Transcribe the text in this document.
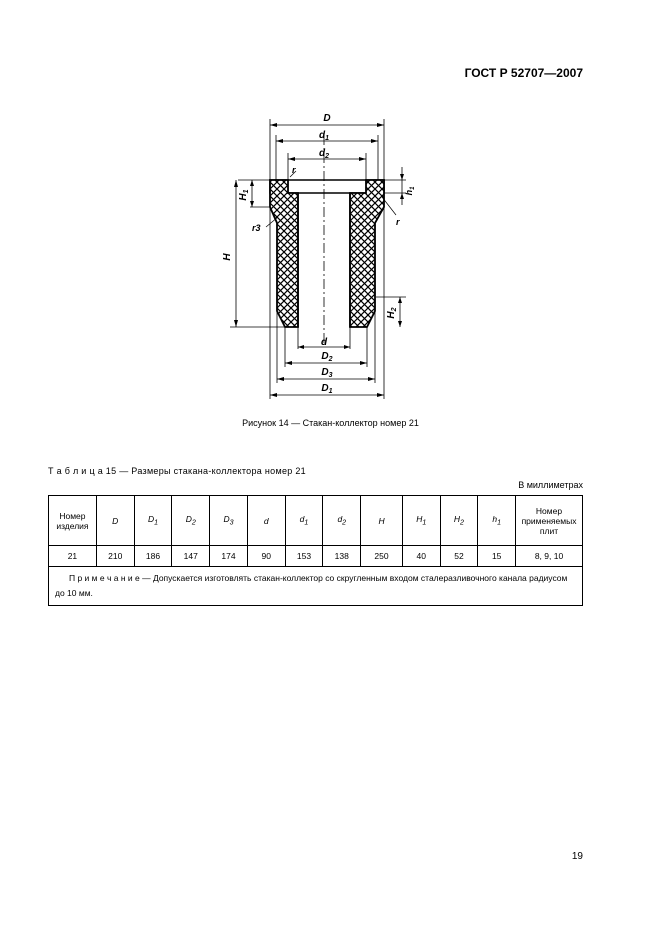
ГОСТ Р 52707—2007
D
$d_1$
$d_2$
r
r
r3
H
$H_1$	$h_1$
$H_2$
d
$D_2$
$D_3$
$D_1$
Рисунок 14 — Стакан-коллектор номер 21
Т а б л и ц а 15 — Размеры стакана-коллектора номер 21
В миллиметрах
Номер изделия	D	$D_1$	$D_2$	$D_3$	d	$d_1$	$d_2$	H	$H_1$	$H_2$	$h_1$	Номер применяемых плит
21	210	186	147	174	90	153	138	250	40	52	15	8, 9, 10
П р и м е ч а н и е — Допускается изготовлять стакан-коллектор со скругленным входом сталеразливочного канала радиусом до 10 мм.												
19
